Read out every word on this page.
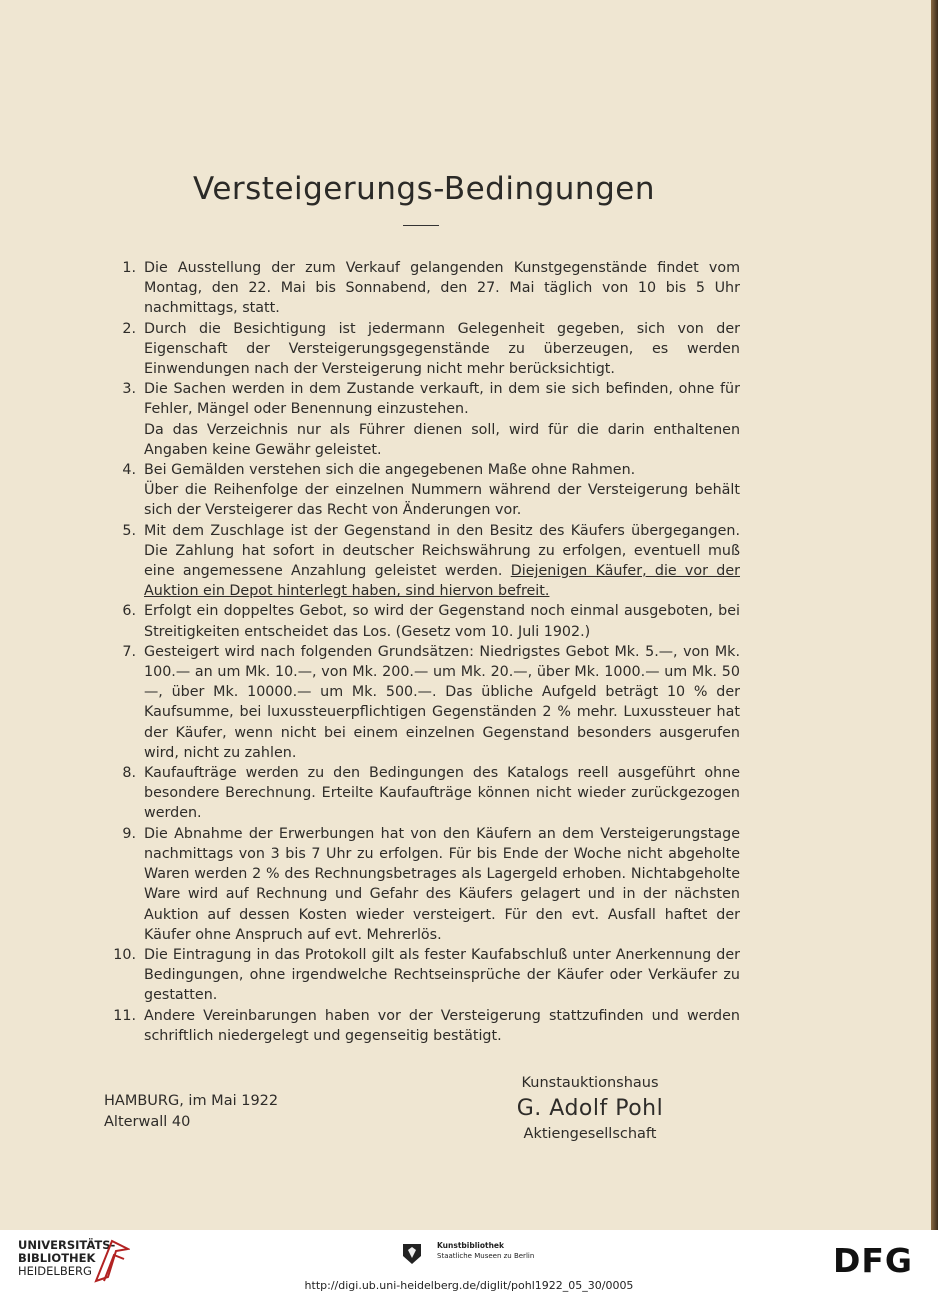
Versteigerungs-Bedingungen

1. Die Ausstellung der zum Verkauf gelangenden Kunstgegenstände findet vom Montag, den 22. Mai bis Sonnabend, den 27. Mai täglich von 10 bis 5 Uhr nachmittags, statt.

2. Durch die Besichtigung ist jedermann Gelegenheit gegeben, sich von der Eigenschaft der Versteigerungsgegenstände zu überzeugen, es werden Einwendungen nach der Versteigerung nicht mehr berücksichtigt.

3. Die Sachen werden in dem Zustande verkauft, in dem sie sich befinden, ohne für Fehler, Mängel oder Benennung einzustehen.
Da das Verzeichnis nur als Führer dienen soll, wird für die darin enthaltenen Angaben keine Gewähr geleistet.

4. Bei Gemälden verstehen sich die angegebenen Maße ohne Rahmen.
Über die Reihenfolge der einzelnen Nummern während der Versteigerung behält sich der Versteigerer das Recht von Änderungen vor.

5. Mit dem Zuschlage ist der Gegenstand in den Besitz des Käufers übergegangen. Die Zahlung hat sofort in deutscher Reichswährung zu erfolgen, eventuell muß eine angemessene Anzahlung geleistet werden. Diejenigen Käufer, die vor der Auktion ein Depot hinterlegt haben, sind hiervon befreit.

6. Erfolgt ein doppeltes Gebot, so wird der Gegenstand noch einmal ausgeboten, bei Streitigkeiten entscheidet das Los. (Gesetz vom 10. Juli 1902.)

7. Gesteigert wird nach folgenden Grundsätzen: Niedrigstes Gebot Mk. 5.—, von Mk. 100.— an um Mk. 10.—, von Mk. 200.— um Mk. 20.—, über Mk. 1000.— um Mk. 50—, über Mk. 10000.— um Mk. 500.—. Das übliche Aufgeld beträgt 10 % der Kaufsumme, bei luxussteuerpflichtigen Gegenständen 2 % mehr. Luxussteuer hat der Käufer, wenn nicht bei einem einzelnen Gegenstand besonders ausgerufen wird, nicht zu zahlen.

8. Kaufaufträge werden zu den Bedingungen des Katalogs reell ausgeführt ohne besondere Berechnung. Erteilte Kaufaufträge können nicht wieder zurückgezogen werden.

9. Die Abnahme der Erwerbungen hat von den Käufern an dem Versteigerungstage nachmittags von 3 bis 7 Uhr zu erfolgen. Für bis Ende der Woche nicht abgeholte Waren werden 2 % des Rechnungsbetrages als Lagergeld erhoben. Nichtabgeholte Ware wird auf Rechnung und Gefahr des Käufers gelagert und in der nächsten Auktion auf dessen Kosten wieder versteigert. Für den evt. Ausfall haftet der Käufer ohne Anspruch auf evt. Mehrerlös.

10. Die Eintragung in das Protokoll gilt als fester Kaufabschluß unter Anerkennung der Bedingungen, ohne irgendwelche Rechtseinsprüche der Käufer oder Verkäufer zu gestatten.

11. Andere Vereinbarungen haben vor der Versteigerung stattzufinden und werden schriftlich niedergelegt und gegenseitig bestätigt.

HAMBURG, im Mai 1922
Alterwall 40
Kunstauktionshaus
G. Adolf Pohl
Aktiengesellschaft
UNIVERSITÄTS-
BIBLIOTHEK
HEIDELBERG
Kunstbibliothek
Staatliche Museen zu Berlin	DFG
http://digi.ub.uni-heidelberg.de/diglit/pohl1922_05_30/0005
